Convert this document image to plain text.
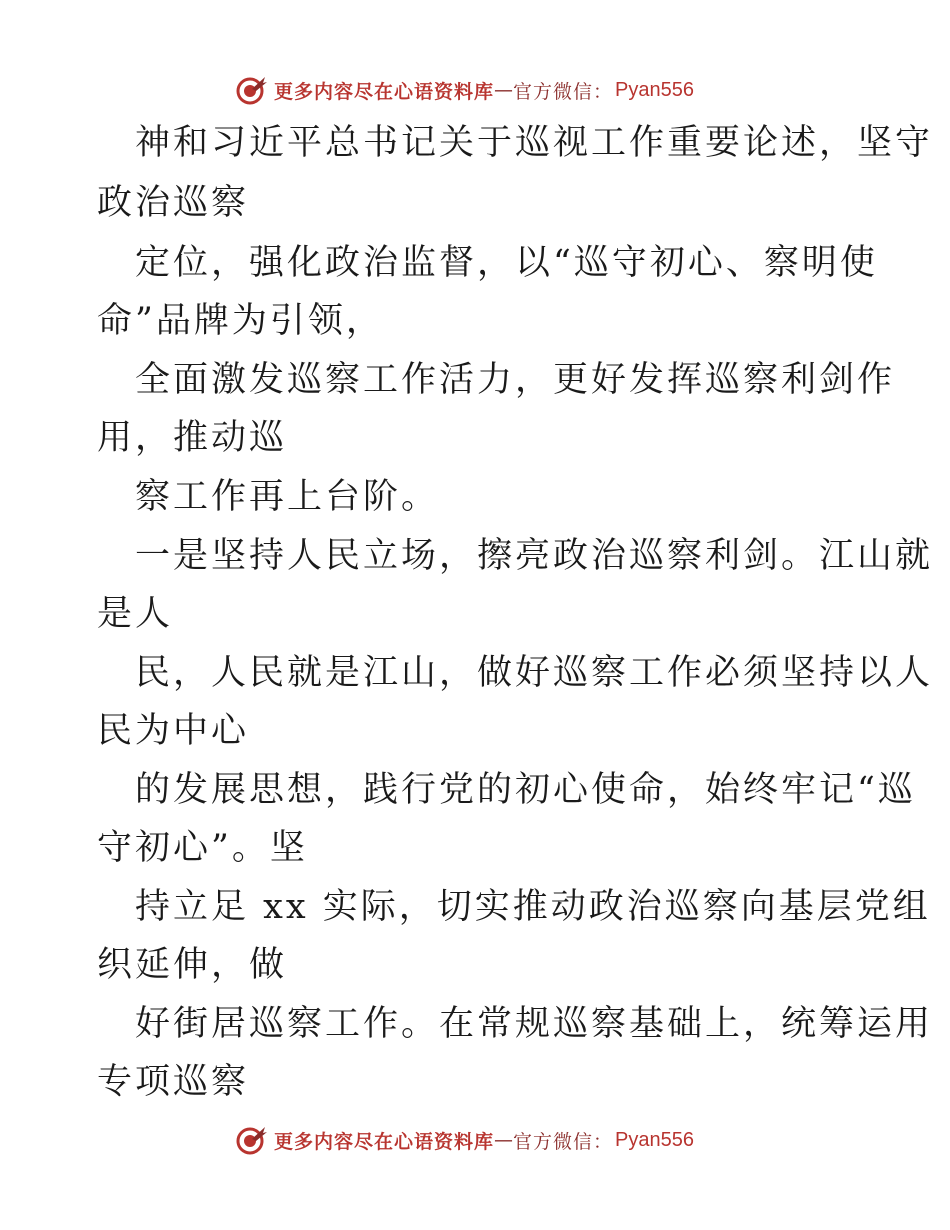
更多内容尽在心语资料库 — 官方微信： Pyan556
神和习近平总书记关于巡视工作重要论述，坚守
政治巡察
定位，强化政治监督，以“巡守初心、察明使
命”品牌为引领，
全面激发巡察工作活力，更好发挥巡察利剑作
用，推动巡
察工作再上台阶。
一是坚持人民立场，擦亮政治巡察利剑。江山就
是人
民，人民就是江山，做好巡察工作必须坚持以人
民为中心
的发展思想，践行党的初心使命，始终牢记“巡
守初心”。坚
持立足 xx 实际，切实推动政治巡察向基层党组
织延伸，做
好街居巡察工作。在常规巡察基础上，统筹运用
专项巡察
更多内容尽在心语资料库 — 官方微信： Pyan556
